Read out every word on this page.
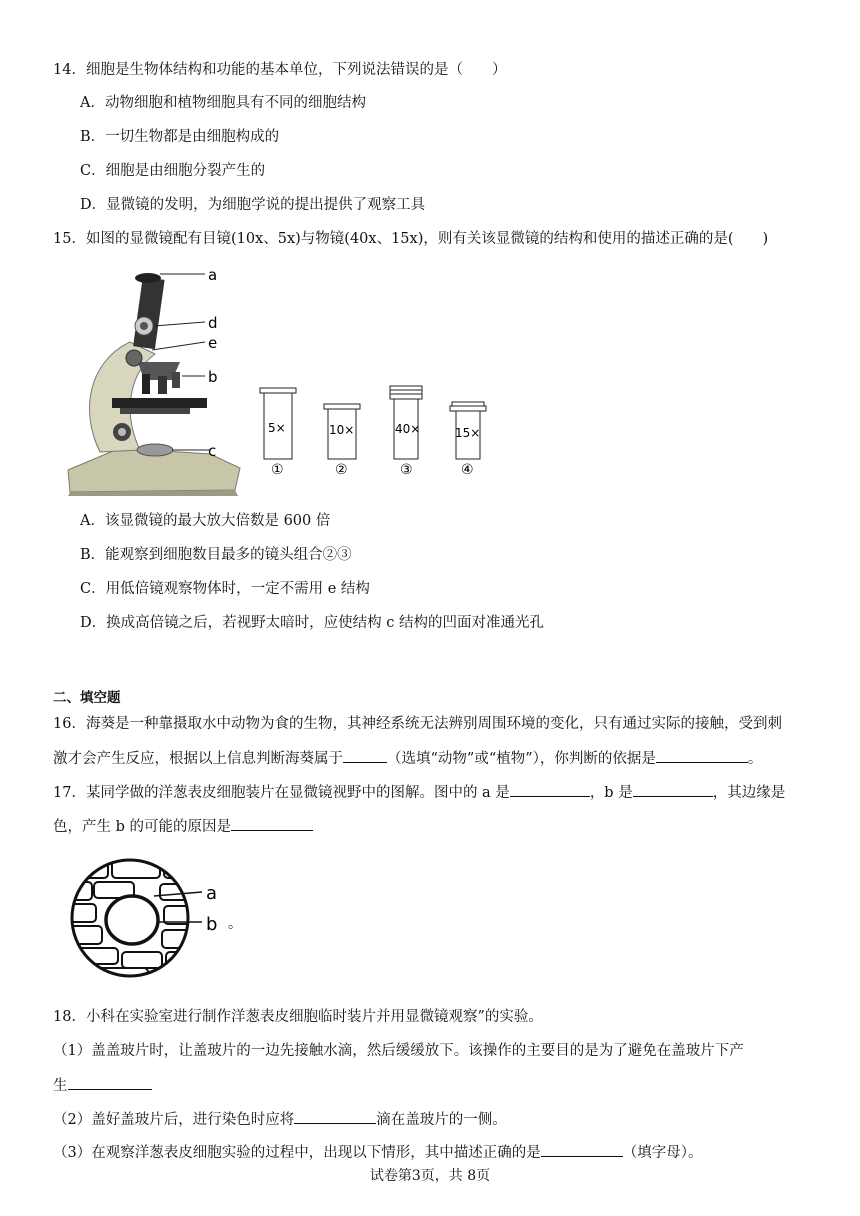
14．细胞是生物体结构和功能的基本单位，下列说法错误的是（　　）
A．动物细胞和植物细胞具有不同的细胞结构
B．一切生物都是由细胞构成的
C．细胞是由细胞分裂产生的
D．显微镜的发明，为细胞学说的提出提供了观察工具
15．如图的显微镜配有目镜(10x、5x)与物镜(40x、15x)，则有关该显微镜的结构和使用的描述正确的是(　　)
a
d
e
b
c
5×
①
10×
②
40×
③
15×
④
A．该显微镜的最大放大倍数是 600 倍
B．能观察到细胞数目最多的镜头组合②③
C．用低倍镜观察物体时，一定不需用 e 结构
D．换成高倍镜之后，若视野太暗时，应使结构 c 结构的凹面对准通光孔
二、填空题
16．海葵是一种靠摄取水中动物为食的生物，其神经系统无法辨别周围环境的变化，只有通过实际的接触，受到刺
激才会产生反应，根据以上信息判断海葵属于	（选填“动物”或“植物”），你判断的依据是	。
17．某同学做的洋葱表皮细胞装片在显微镜视野中的图解。图中的 a 是	，b 是	，其边缘是
色，产生 b 的可能的原因是
a
b 。
18．小科在实验室进行制作洋葱表皮细胞临时装片并用显微镜观察”的实验。
（1）盖盖玻片时，让盖玻片的一边先接触水滴，然后缓缓放下。该操作的主要目的是为了避免在盖玻片下产
生
（2）盖好盖玻片后，进行染色时应将	滴在盖玻片的一侧。
（3）在观察洋葱表皮细胞实验的过程中，出现以下情形，其中描述正确的是	（填字母）。
试卷第3页，共 8页
